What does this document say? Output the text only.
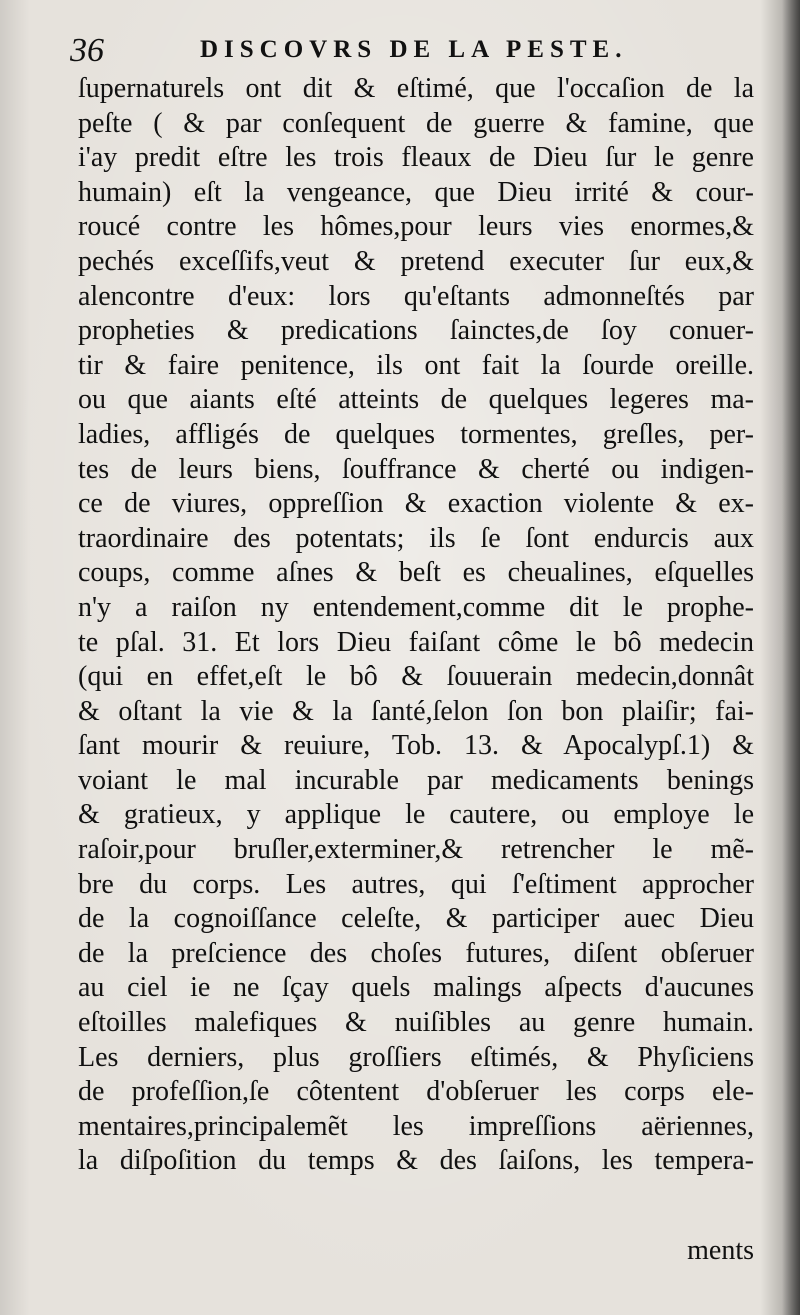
36	DISCOVRS DE LA PESTE.
ſupernaturels ont dit & eſtimé, que l'occaſion de la
peſte ( & par conſequent de guerre & famine, que
i'ay predit eſtre les trois fleaux de Dieu ſur le genre
humain) eſt la vengeance, que Dieu irrité & cour-
roucé contre les hômes,pour leurs vies enormes,&
pechés exceſſifs,veut & pretend executer ſur eux,&
alencontre d'eux: lors qu'eſtants admonneſtés par
propheties & predications ſainctes,de ſoy conuer-
tir & faire penitence, ils ont fait la ſourde oreille.
ou que aiants eſté atteints de quelques legeres ma-
ladies, affligés de quelques tormentes, greſles, per-
tes de leurs biens, ſouffrance & cherté ou indigen-
ce de viures, oppreſſion & exaction violente & ex-
traordinaire des potentats; ils ſe ſont endurcis aux
coups, comme aſnes & beſt es cheualines, eſquelles
n'y a raiſon ny entendement,comme dit le prophe-
te pſal. 31. Et lors Dieu faiſant côme le bô medecin
(qui en effet,eſt le bô & ſouuerain medecin,donnât
& oſtant la vie & la ſanté,ſelon ſon bon plaiſir; fai-
ſant mourir & reuiure, Tob. 13. & Apocalypſ.1) &
voiant le mal incurable par medicaments benings
& gratieux, y applique le cautere, ou employe le
raſoir,pour bruſler,exterminer,& retrencher le mẽ-
bre du corps. Les autres, qui ſ'eſtiment approcher
de la cognoiſſance celeſte, & participer auec Dieu
de la preſcience des choſes futures, diſent obſeruer
au ciel ie ne ſçay quels malings aſpects d'aucunes
eſtoilles malefiques & nuiſibles au genre humain.
Les derniers, plus groſſiers eſtimés, & Phyſiciens
de profeſſion,ſe côtentent d'obſeruer les corps ele-
mentaires,principalemẽt les impreſſions aëriennes,
la diſpoſition du temps & des ſaiſons, les tempera-
ments
